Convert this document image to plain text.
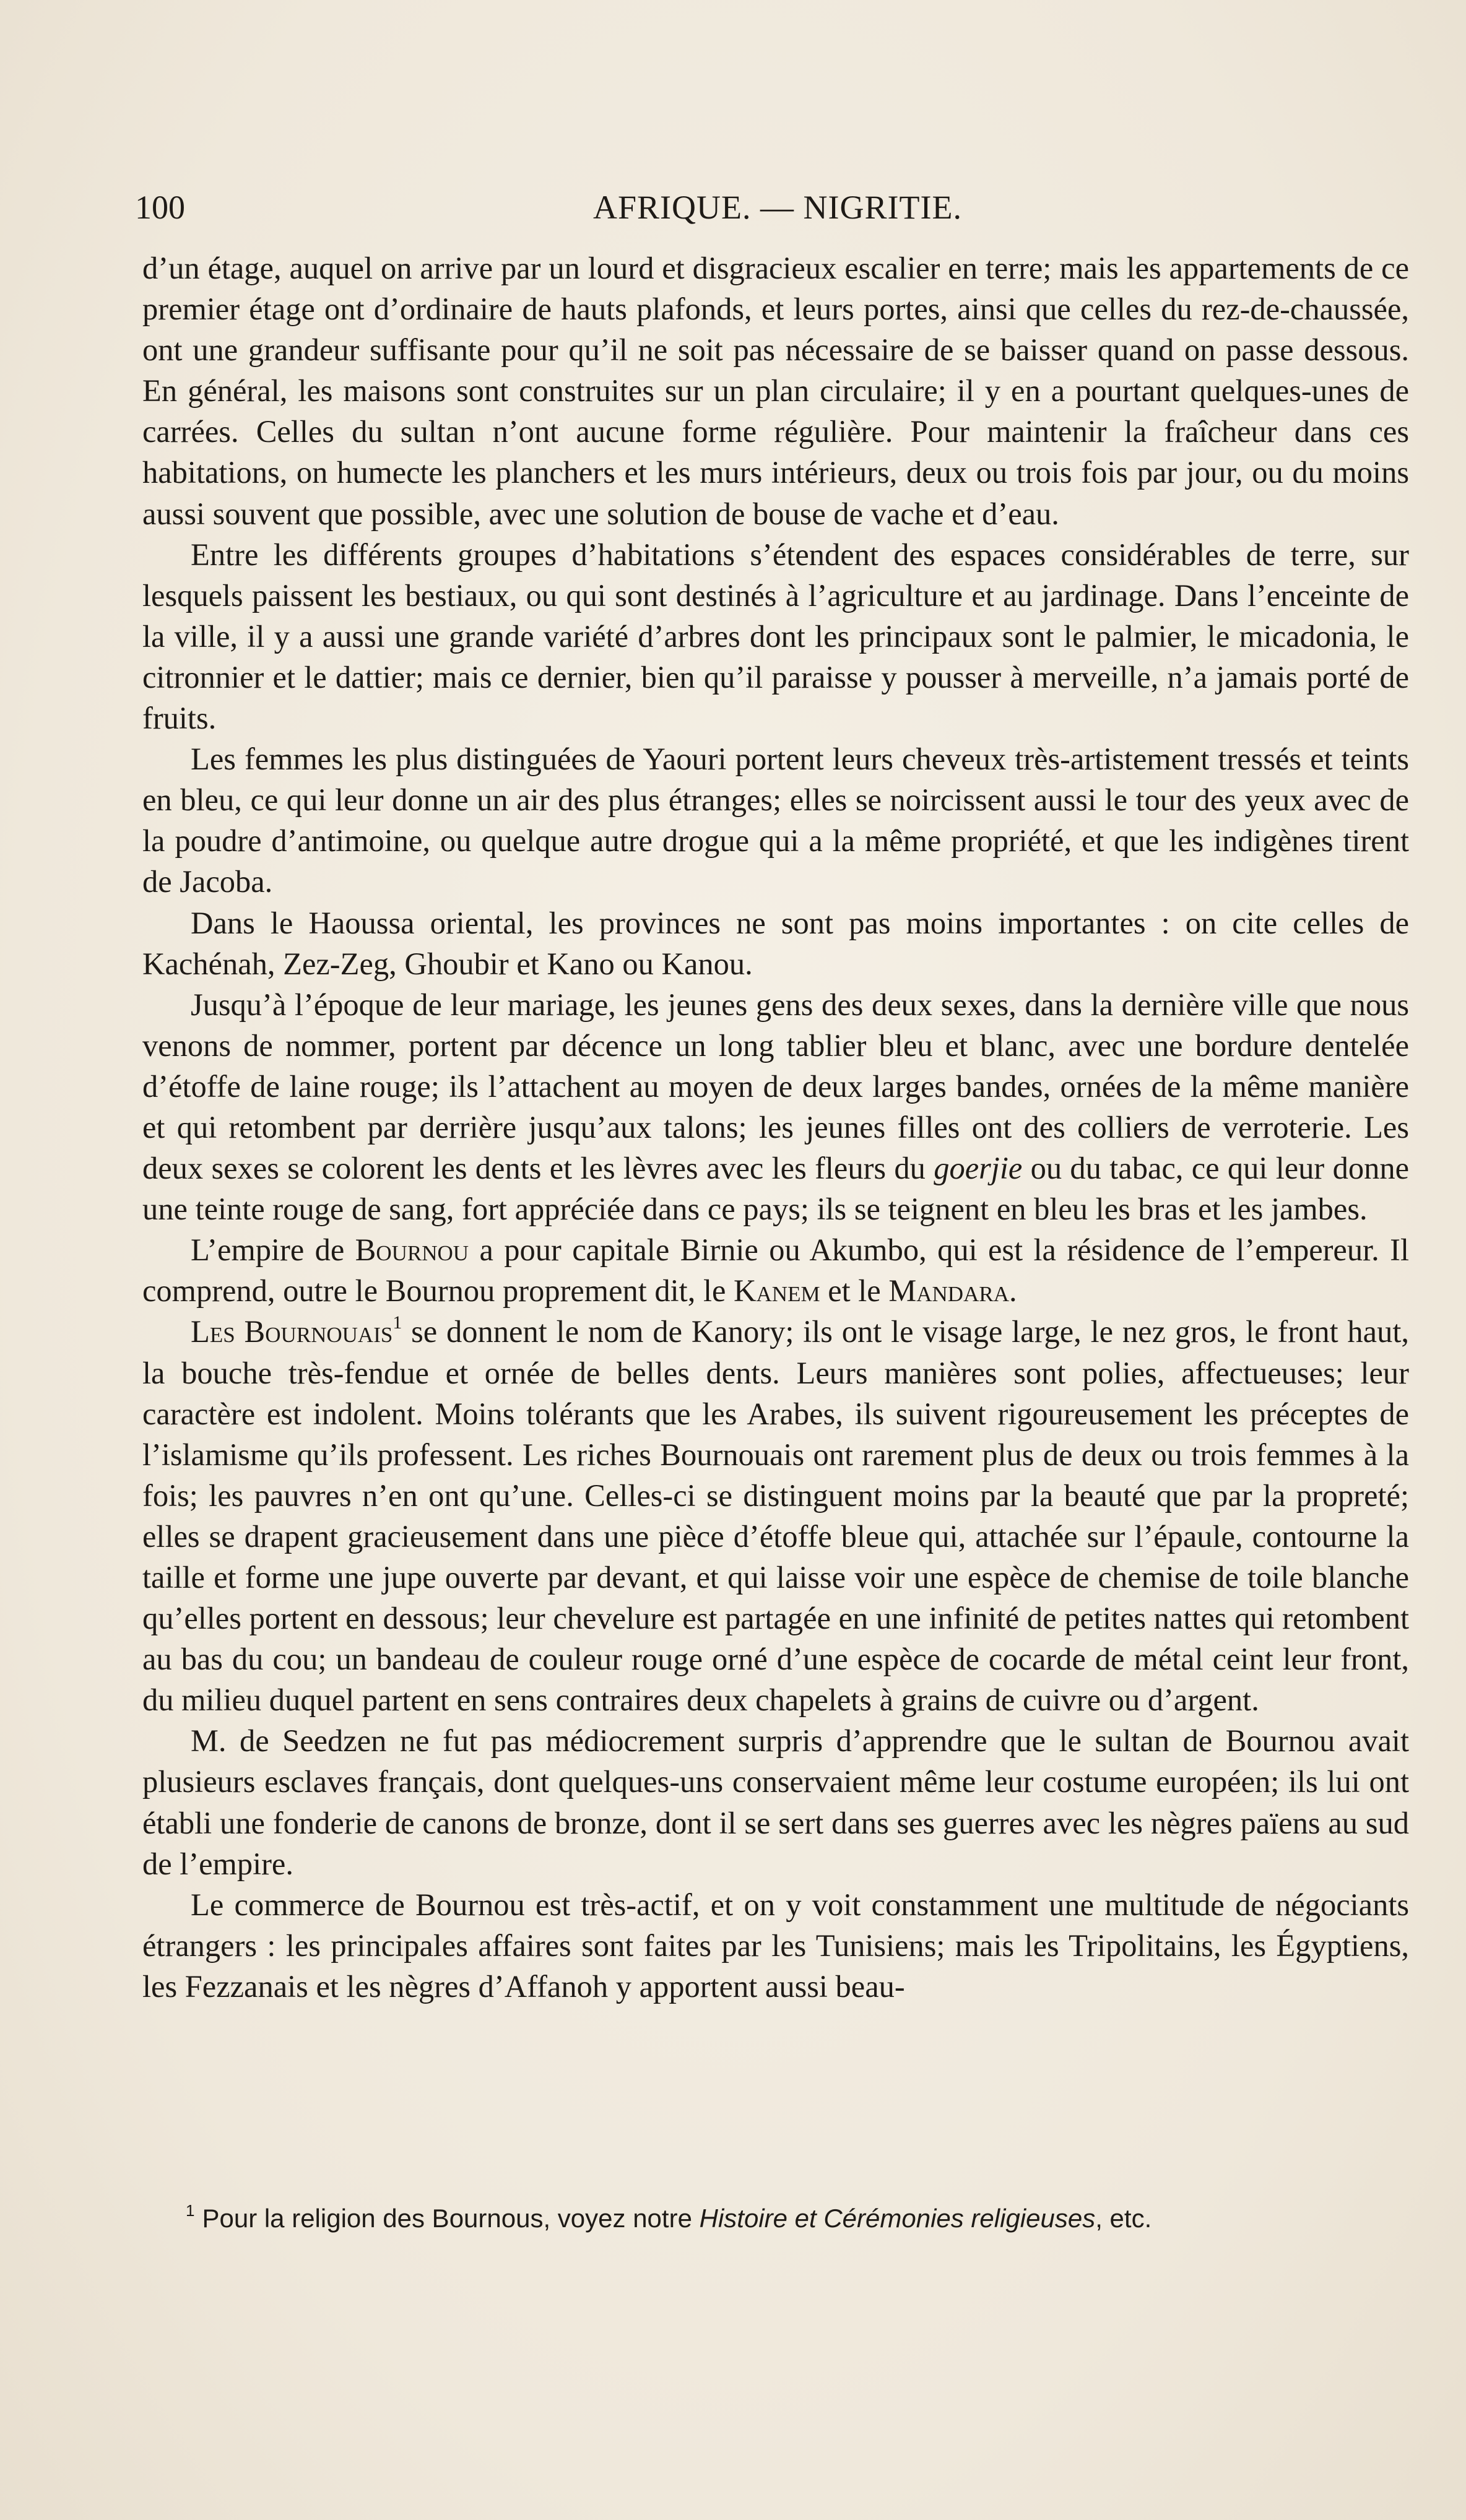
100	AFRIQUE. — NIGRITIE.

d’un étage, auquel on arrive par un lourd et disgracieux escalier en terre; mais les appartements de ce premier étage ont d’ordinaire de hauts plafonds, et leurs portes, ainsi que celles du rez-de-chaussée, ont une grandeur suffisante pour qu’il ne soit pas nécessaire de se baisser quand on passe dessous. En général, les maisons sont construites sur un plan circulaire; il y en a pourtant quelques-unes de carrées. Celles du sultan n’ont aucune forme régulière. Pour maintenir la fraîcheur dans ces habitations, on humecte les planchers et les murs intérieurs, deux ou trois fois par jour, ou du moins aussi souvent que possible, avec une solution de bouse de vache et d’eau.

Entre les différents groupes d’habitations s’étendent des espaces considérables de terre, sur lesquels paissent les bestiaux, ou qui sont destinés à l’agriculture et au jardinage. Dans l’enceinte de la ville, il y a aussi une grande variété d’arbres dont les principaux sont le palmier, le micadonia, le citronnier et le dattier; mais ce dernier, bien qu’il paraisse y pousser à merveille, n’a jamais porté de fruits.

Les femmes les plus distinguées de Yaouri portent leurs cheveux très-artistement tressés et teints en bleu, ce qui leur donne un air des plus étranges; elles se noircissent aussi le tour des yeux avec de la poudre d’antimoine, ou quelque autre drogue qui a la même propriété, et que les indigènes tirent de Jacoba.

Dans le Haoussa oriental, les provinces ne sont pas moins importantes : on cite celles de Kachénah, Zez-Zeg, Ghoubir et Kano ou Kanou.

Jusqu’à l’époque de leur mariage, les jeunes gens des deux sexes, dans la dernière ville que nous venons de nommer, portent par décence un long tablier bleu et blanc, avec une bordure dentelée d’étoffe de laine rouge; ils l’attachent au moyen de deux larges bandes, ornées de la même manière et qui retombent par derrière jusqu’aux talons; les jeunes filles ont des colliers de verroterie. Les deux sexes se colorent les dents et les lèvres avec les fleurs du goerjie ou du tabac, ce qui leur donne une teinte rouge de sang, fort appréciée dans ce pays; ils se teignent en bleu les bras et les jambes.

L’empire de Bournou a pour capitale Birnie ou Akumbo, qui est la résidence de l’empereur. Il comprend, outre le Bournou proprement dit, le Kanem et le Mandara.

Les Bournouais$^1$ se donnent le nom de Kanory; ils ont le visage large, le nez gros, le front haut, la bouche très-fendue et ornée de belles dents. Leurs manières sont polies, affectueuses; leur caractère est indolent. Moins tolérants que les Arabes, ils suivent rigoureusement les préceptes de l’islamisme qu’ils professent. Les riches Bournouais ont rarement plus de deux ou trois femmes à la fois; les pauvres n’en ont qu’une. Celles-ci se distinguent moins par la beauté que par la propreté; elles se drapent gracieusement dans une pièce d’étoffe bleue qui, attachée sur l’épaule, contourne la taille et forme une jupe ouverte par devant, et qui laisse voir une espèce de chemise de toile blanche qu’elles portent en dessous; leur chevelure est partagée en une infinité de petites nattes qui retombent au bas du cou; un bandeau de couleur rouge orné d’une espèce de cocarde de métal ceint leur front, du milieu duquel partent en sens contraires deux chapelets à grains de cuivre ou d’argent.

M. de Seedzen ne fut pas médiocrement surpris d’apprendre que le sultan de Bournou avait plusieurs esclaves français, dont quelques-uns conservaient même leur costume européen; ils lui ont établi une fonderie de canons de bronze, dont il se sert dans ses guerres avec les nègres païens au sud de l’empire.

Le commerce de Bournou est très-actif, et on y voit constamment une multitude de négociants étrangers : les principales affaires sont faites par les Tunisiens; mais les Tripolitains, les Égyptiens, les Fezzanais et les nègres d’Affanoh y apportent aussi beau-

$^1$ Pour la religion des Bournous, voyez notre Histoire et Cérémonies religieuses, etc.
